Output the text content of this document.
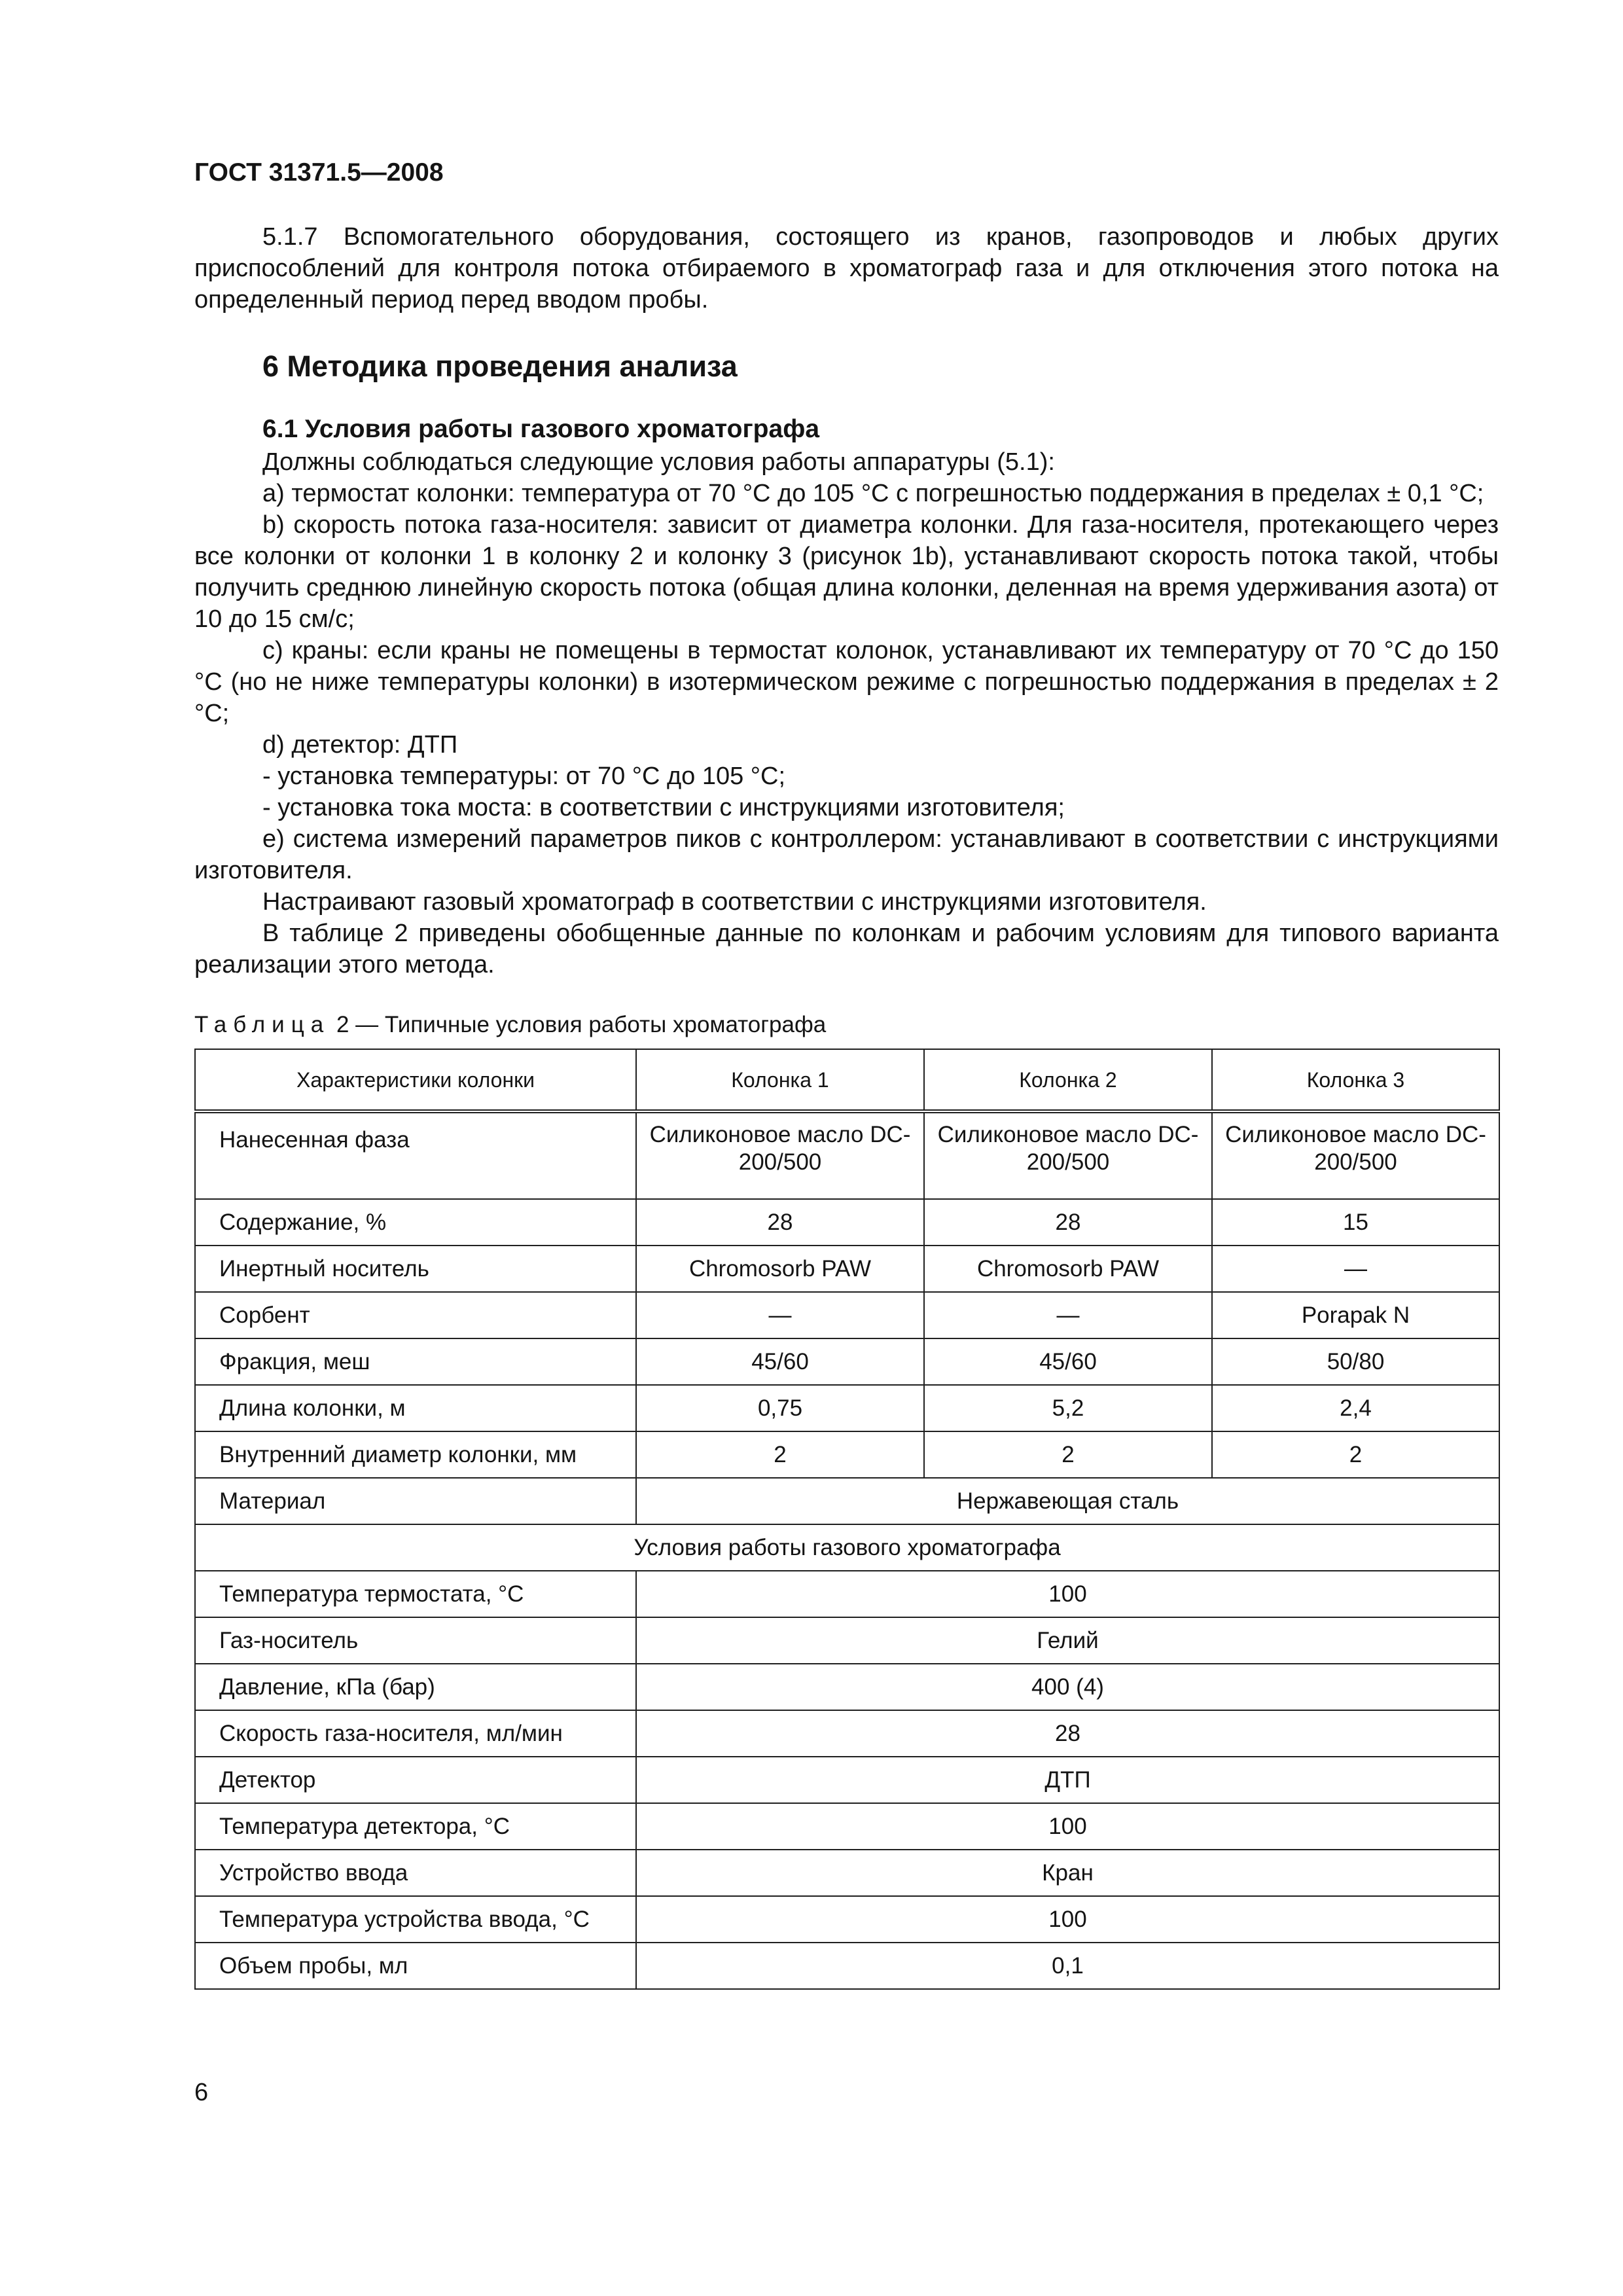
ГОСТ 31371.5—2008

5.1.7 Вспомогательного оборудования, состоящего из кранов, газопроводов и любых других приспособлений для контроля потока отбираемого в хроматограф газа и для отключения этого потока на определенный период перед вводом пробы.

6 Методика проведения анализа
6.1 Условия работы газового хроматографа

Должны соблюдаться следующие условия работы аппаратуры (5.1):

a) термостат колонки: температура от 70 °С до 105 °С с погрешностью поддержания в пределах ± 0,1 °С;

b) скорость потока газа-носителя: зависит от диаметра колонки. Для газа-носителя, протекающего через все колонки от колонки 1 в колонку 2 и колонку 3 (рисунок 1b), устанавливают скорость потока такой, чтобы получить среднюю линейную скорость потока (общая длина колонки, деленная на время удерживания азота) от 10 до 15 см/с;

c) краны: если краны не помещены в термостат колонок, устанавливают их температуру от 70 °С до 150 °С (но не ниже температуры колонки) в изотермическом режиме с погрешностью поддержания в пределах ± 2 °С;

d) детектор: ДТП

- установка температуры: от 70 °С до 105 °С;

- установка тока моста: в соответствии с инструкциями изготовителя;

e) система измерений параметров пиков с контроллером: устанавливают в соответствии с инструкциями изготовителя.

Настраивают газовый хроматограф в соответствии с инструкциями изготовителя.

В таблице 2 приведены обобщенные данные по колонкам и рабочим условиям для типового варианта реализации этого метода.

Таблица 2 — Типичные условия работы хроматографа

Характеристики колонки	Колонка 1	Колонка 2	Колонка 3
Нанесенная фаза	Силиконовое масло DC-200/500	Силиконовое масло DC-200/500	Силиконовое масло DC-200/500
Содержание, %	28	28	15
Инертный носитель	Chromosorb PAW	Chromosorb PAW	—
Сорбент	—	—	Porapak N
Фракция, меш	45/60	45/60	50/80
Длина колонки, м	0,75	5,2	2,4
Внутренний диаметр колонки, мм	2	2	2
Материал	Нержавеющая сталь		
Условия работы газового хроматографа			
Температура термостата, °С	100		
Газ-носитель	Гелий		
Давление, кПа (бар)	400 (4)		
Скорость газа-носителя, мл/мин	28		
Детектор	ДТП		
Температура детектора, °С	100		
Устройство ввода	Кран		
Температура устройства ввода, °С	100		
Объем пробы, мл	0,1		
6
